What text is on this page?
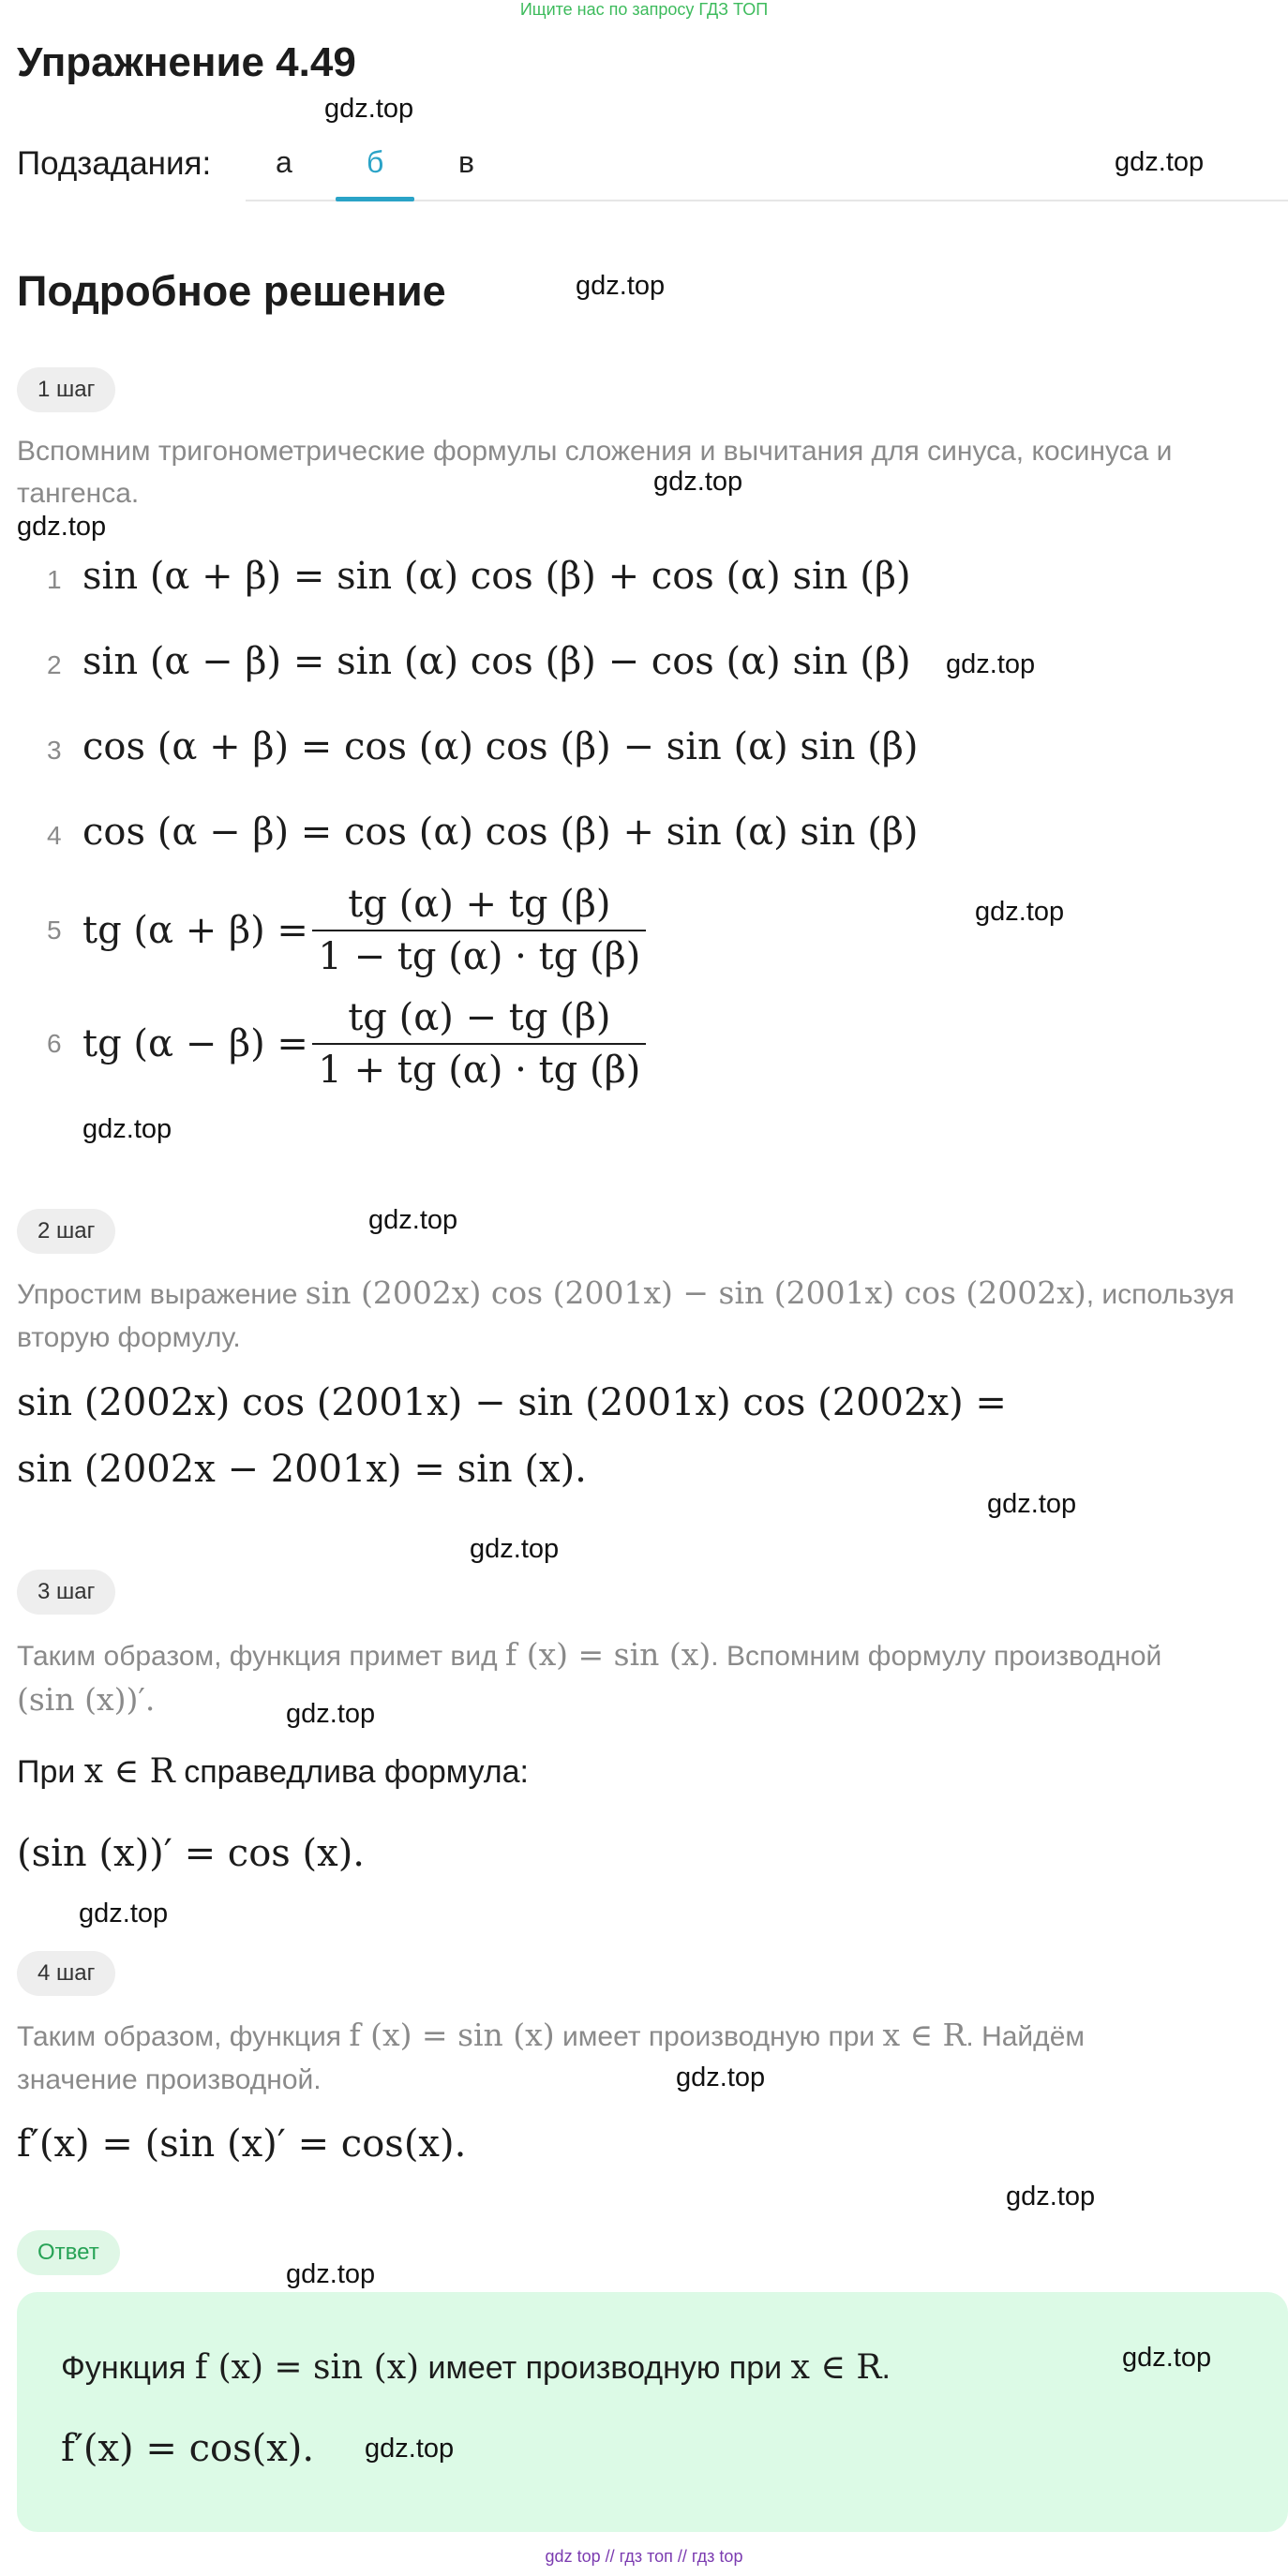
Ищите нас по запросу ГДЗ ТОП
Упражнение 4.49
gdz.top
Подзадания: а б в	gdz.top
Подробное решение	gdz.top
1 шаг
Вспомним тригонометрические формулы сложения и вычитания для синуса, косинуса и
тангенса.	gdz.top
gdz.top
1 sin (α + β) = sin (α) cos (β) + cos (α) sin (β)
2 sin (α − β) = sin (α) cos (β) − cos (α) sin (β) gdz.top
3 cos (α + β) = cos (α) cos (β) − sin (α) sin (β)
4 cos (α − β) = cos (α) cos (β) + sin (α) sin (β)
5 tg $(\alpha + \beta) = \frac{tg (\alpha) + tg (\beta)}{1 - tg (\alpha) \cdot tg (\beta)}$	gdz.top
6 tg $(\alpha - \beta) = \frac{tg (\alpha) - tg (\beta)}{1 + tg (\alpha) \cdot tg (\beta)}$
gdz.top
2 шаг	gdz.top
Упростим выражение sin (2002x) cos (2001x) − sin (2001x) cos (2002x), используя
вторую формулу.
sin (2002x) cos (2001x) − sin (2001x) cos (2002x) =
sin (2002x − 2001x) = sin (x).
gdz.top
gdz.top
3 шаг
Таким образом, функция примет вид f (x) = sin (x). Вспомним формулу производной
(sin (x))′.	gdz.top
При x ∈ R справедлива формула:
(sin (x))′ = cos (x).
gdz.top
4 шаг
Таким образом, функция f (x) = sin (x) имеет производную при x ∈ R. Найдём
значение производной.	gdz.top
f′(x) = (sin (x)′ = cos(x).
gdz.top
Ответ
gdz.top
Функция f (x) = sin (x) имеет производную при x ∈ R.	gdz.top
f′(x) = cos(x). gdz.top
gdz top // гдз топ // гдз top
